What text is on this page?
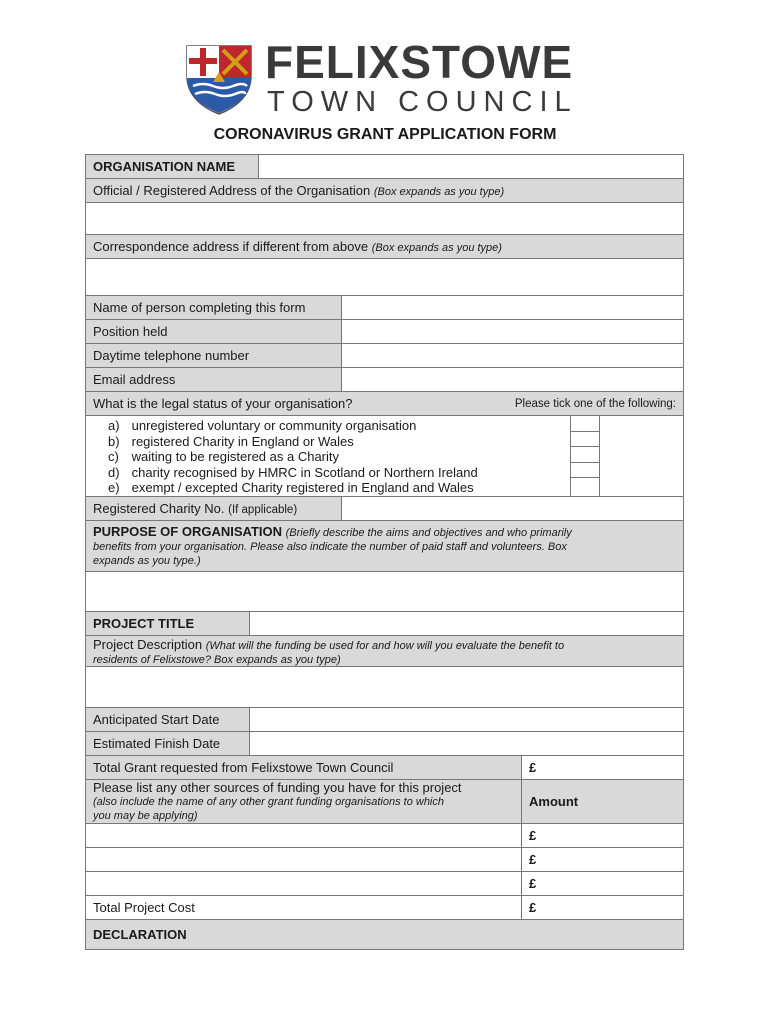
FELIXSTOWE
TOWN COUNCIL
CORONAVIRUS GRANT APPLICATION FORM
ORGANISATION NAME
Official / Registered Address of the Organisation (Box expands as you type)
Correspondence address if different from above (Box expands as you type)
Name of person completing this form
Position held
Daytime telephone number
Email address
What is the legal status of your organisation?	Please tick one of the following:
a) unregistered voluntary or community organisation
b) registered Charity in England or Wales
c) waiting to be registered as a Charity
d) charity recognised by HMRC in Scotland or Northern Ireland
e) exempt / excepted Charity registered in England and Wales
Registered Charity No. (If applicable)
PURPOSE OF ORGANISATION (Briefly describe the aims and objectives and who primarily
benefits from your organisation. Please also indicate the number of paid staff and volunteers. Box
expands as you type.)
PROJECT TITLE
Project Description (What will the funding be used for and how will you evaluate the benefit to
residents of Felixstowe? Box expands as you type)
Anticipated Start Date
Estimated Finish Date
Total Grant requested from Felixstowe Town Council	£
Please list any other sources of funding you have for this project
(also include the name of any other grant funding organisations to which
you may be applying)
Amount
£
£
£
Total Project Cost	£
DECLARATION
